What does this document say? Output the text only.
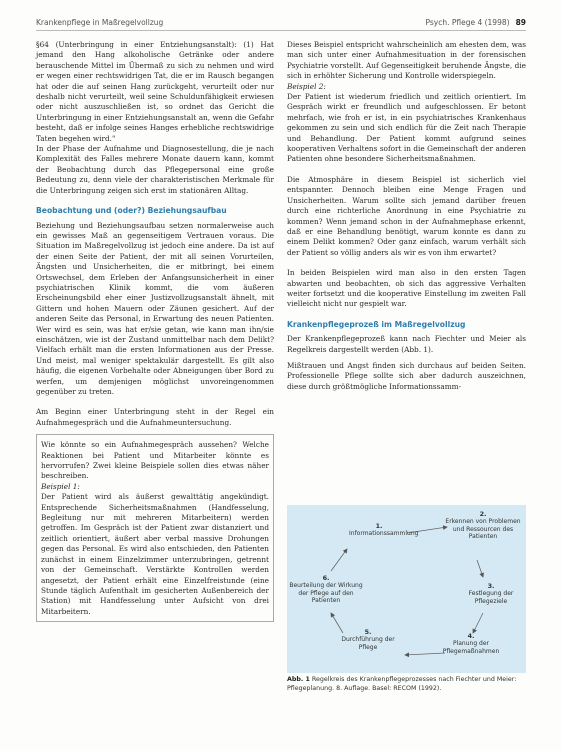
Krankenpflege in Maßregelvollzug	Psych. Pflege 4 (1998) 89

§64 (Unterbringung in einer Entziehungsanstalt): (1) Hat jemand den Hang alkoholische Getränke oder andere berauschende Mittel im Übermaß zu sich zu nehmen und wird er wegen einer rechtswidrigen Tat, die er im Rausch begangen hat oder die auf seinen Hang zurückgeht, verurteilt oder nur deshalb nicht verurteilt, weil seine Schuldunfähigkeit erwiesen oder nicht auszuschließen ist, so ordnet das Gericht die Unterbringung in einer Entziehungsanstalt an, wenn die Gefahr besteht, daß er infolge seines Hanges erhebliche rechtswidrige Taten begehen wird."

In der Phase der Aufnahme und Diagnosestellung, die je nach Komplexität des Falles mehrere Monate dauern kann, kommt der Beobachtung durch das Pflegepersonal eine große Bedeutung zu, denn viele der charakteristischen Merkmale für die Unterbringung zeigen sich erst im stationären Alltag.

Beobachtung und (oder?) Beziehungsaufbau

Beziehung und Beziehungsaufbau setzen normalerweise auch ein gewisses Maß an gegenseitigem Vertrauen voraus. Die Situation im Maßregelvollzug ist jedoch eine andere. Da ist auf der einen Seite der Patient, der mit all seinen Vorurteilen, Ängsten und Unsicherheiten, die er mitbringt, bei einem Ortswechsel, dem Erleben der Anfangsunsicherheit in einer psychiatrischen Klinik kommt, die vom äußeren Erscheinungsbild eher einer Justizvollzugsanstalt ähnelt, mit Gittern und hohen Mauern oder Zäunen gesichert. Auf der anderen Seite das Personal, in Erwartung des neuen Patienten. Wer wird es sein, was hat er/sie getan, wie kann man ihn/sie einschätzen, wie ist der Zustand unmittelbar nach dem Delikt? Vielfach erhält man die ersten Informationen aus der Presse. Und meist, mal weniger spektakulär dargestellt. Es gilt also häufig, die eigenen Vorbehalte oder Abneigungen über Bord zu werfen, um demjenigen möglichst unvoreingenommen gegenüber zu treten.

Am Beginn einer Unterbringung steht in der Regel ein Aufnahmegespräch und die Aufnahmeuntersuchung.

Wie könnte so ein Aufnahmegespräch aussehen? Welche Reaktionen bei Patient und Mitarbeiter könnte es hervorrufen? Zwei kleine Beispiele sollen dies etwas näher beschreiben.

Beispiel 1:

Der Patient wird als äußerst gewalttätig angekündigt. Entsprechende Sicherheitsmaßnahmen (Handfesselung, Begleitung nur mit mehreren Mitarbeitern) werden getroffen. Im Gespräch ist der Patient zwar distanziert und zeitlich orientiert, äußert aber verbal massive Drohungen gegen das Personal. Es wird also entschieden, den Patienten zunächst in einem Einzelzimmer unterzubringen, getrennt von der Gemeinschaft. Verstärkte Kontrollen werden angesetzt, der Patient erhält eine Einzelfreistunde (eine Stunde täglich Aufenthalt im gesicherten Außenbereich der Station) mit Handfesselung unter Aufsicht von drei Mitarbeitern.

Dieses Beispiel entspricht wahrscheinlich am ehesten dem, was man sich unter einer Aufnahmesituation in der forensischen Psychiatrie vorstellt. Auf Gegenseitigkeit beruhende Ängste, die sich in erhöhter Sicherung und Kontrolle widerspiegeln.

Beispiel 2:

Der Patient ist wiederum friedlich und zeitlich orientiert. Im Gespräch wirkt er freundlich und aufgeschlossen. Er betont mehrfach, wie froh er ist, in ein psychiatrisches Krankenhaus gekommen zu sein und sich endlich für die Zeit nach Therapie und Behandlung. Der Patient kommt aufgrund seines kooperativen Verhaltens sofort in die Gemeinschaft der anderen Patienten ohne besondere Sicherheitsmaßnahmen.

Die Atmosphäre in diesem Beispiel ist sicherlich viel entspannter. Dennoch bleiben eine Menge Fragen und Unsicherheiten. Warum sollte sich jemand darüber freuen durch eine richterliche Anordnung in eine Psychiatrie zu kommen? Wenn jemand schon in der Aufnahmephase erkennt, daß er eine Behandlung benötigt, warum konnte es dann zu einem Delikt kommen? Oder ganz einfach, warum verhält sich der Patient so völlig anders als wir es von ihm erwartet?

In beiden Beispielen wird man also in den ersten Tagen abwarten und beobachten, ob sich das aggressive Verhalten weiter fortsetzt und die kooperative Einstellung im zweiten Fall vielleicht nicht nur gespielt war.

Krankenpflegeprozeß im Maßregelvollzug

Der Krankenpflegeprozeß kann nach Fiechter und Meier als Regelkreis dargestellt werden (Abb. 1).

Mißtrauen und Angst finden sich durchaus auf beiden Seiten. Professionelle Pflege sollte sich aber dadurch auszeichnen, diese durch größtmögliche Informationssamm-

1.
Informationssammlung
2.
Erkennen von Problemen und Ressourcen des Patienten
3.
Festlegung der Pflegeziele
4.
Planung der Pflegemaßnahmen
5.
Durchführung der Pflege
6.
Beurteilung der Wirkung der Pflege auf den Patienten
Abb. 1 Regelkreis des Krankenpflegeprozesses nach Fiechter und Meier: Pflegeplanung. 8. Auflage. Basel: RECOM (1992).
